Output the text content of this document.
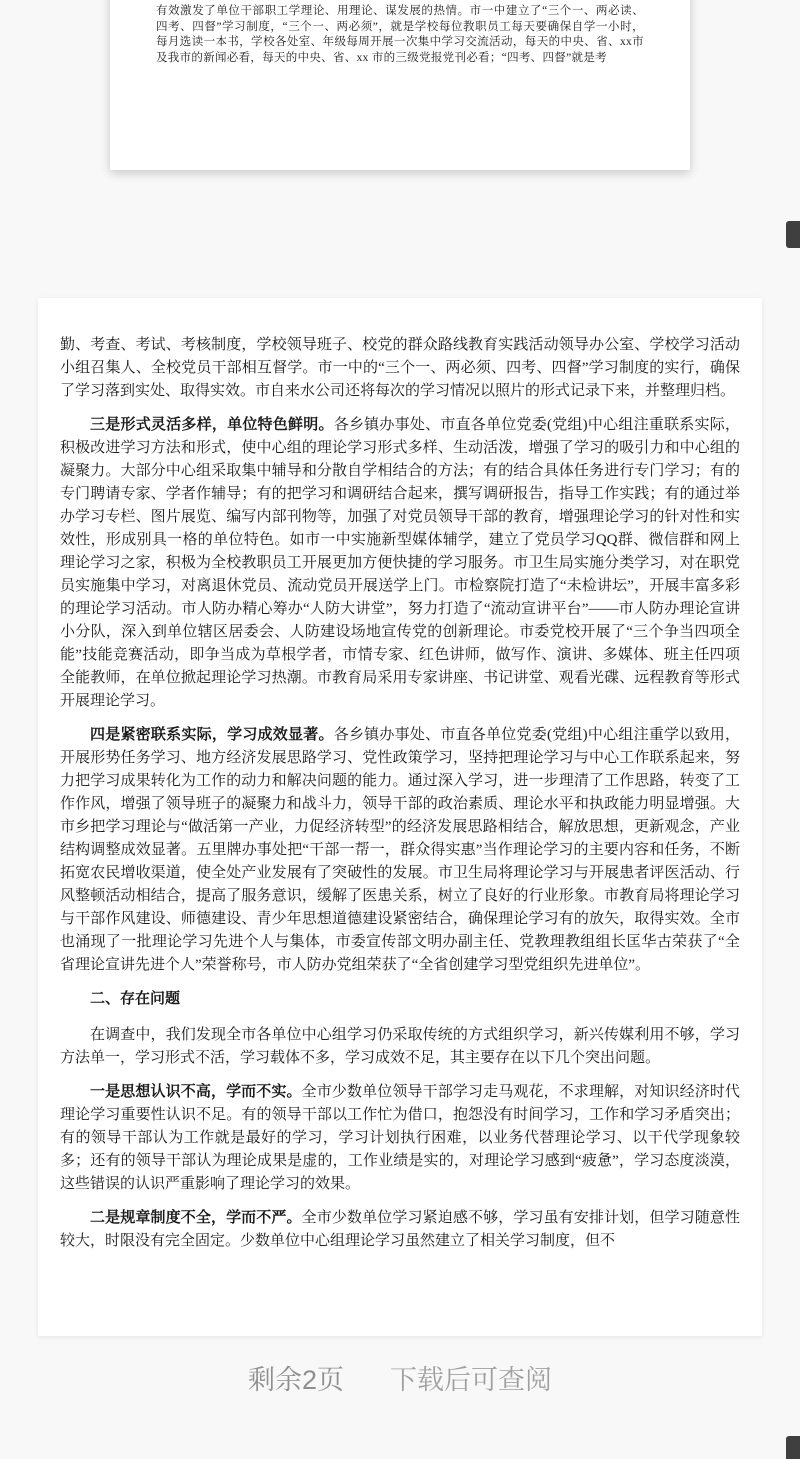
有效激发了单位干部职工学理论、用理论、谋发展的热情。市一中建立了“三个一、两必读、四考、四督”学习制度，“三个一、两必须”，就是学校每位教职员工每天要确保自学一小时，每月选读一本书，学校各处室、年级每周开展一次集中学习交流活动，每天的中央、省、xx市及我市的新闻必看，每天的中央、省、xx 市的三级党报党刊必看；“四考、四督”就是考

勤、考查、考试、考核制度，学校领导班子、校党的群众路线教育实践活动领导办公室、学校学习活动小组召集人、全校党员干部相互督学。市一中的“三个一、两必须、四考、四督”学习制度的实行，确保了学习落到实处、取得实效。市自来水公司还将每次的学习情况以照片的形式记录下来，并整理归档。

三是形式灵活多样，单位特色鲜明。各乡镇办事处、市直各单位党委(党组)中心组注重联系实际，积极改进学习方法和形式，使中心组的理论学习形式多样、生动活泼，增强了学习的吸引力和中心组的凝聚力。大部分中心组采取集中辅导和分散自学相结合的方法；有的结合具体任务进行专门学习；有的专门聘请专家、学者作辅导；有的把学习和调研结合起来，撰写调研报告，指导工作实践；有的通过举办学习专栏、图片展览、编写内部刊物等，加强了对党员领导干部的教育，增强理论学习的针对性和实效性，形成别具一格的单位特色。如市一中实施新型媒体辅学，建立了党员学习QQ群、微信群和网上理论学习之家，积极为全校教职员工开展更加方便快捷的学习服务。市卫生局实施分类学习，对在职党员实施集中学习，对离退休党员、流动党员开展送学上门。市检察院打造了“未检讲坛”，开展丰富多彩的理论学习活动。市人防办精心筹办“人防大讲堂”，努力打造了“流动宣讲平台”——市人防办理论宣讲小分队，深入到单位辖区居委会、人防建设场地宣传党的创新理论。市委党校开展了“三个争当四项全能”技能竞赛活动，即争当成为草根学者，市情专家、红色讲师，做写作、演讲、多媒体、班主任四项全能教师，在单位掀起理论学习热潮。市教育局采用专家讲座、书记讲堂、观看光碟、远程教育等形式开展理论学习。

四是紧密联系实际，学习成效显著。各乡镇办事处、市直各单位党委(党组)中心组注重学以致用，开展形势任务学习、地方经济发展思路学习、党性政策学习，坚持把理论学习与中心工作联系起来，努力把学习成果转化为工作的动力和解决问题的能力。通过深入学习，进一步理清了工作思路，转变了工作作风，增强了领导班子的凝聚力和战斗力，领导干部的政治素质、理论水平和执政能力明显增强。大市乡把学习理论与“做活第一产业，力促经济转型”的经济发展思路相结合，解放思想，更新观念，产业结构调整成效显著。五里牌办事处把“干部一帮一，群众得实惠”当作理论学习的主要内容和任务，不断拓宽农民增收渠道，使全处产业发展有了突破性的发展。市卫生局将理论学习与开展患者评医活动、行风整顿活动相结合，提高了服务意识，缓解了医患关系，树立了良好的行业形象。市教育局将理论学习与干部作风建设、师德建设、青少年思想道德建设紧密结合，确保理论学习有的放矢，取得实效。全市也涌现了一批理论学习先进个人与集体，市委宣传部文明办副主任、党教理教组组长匡华古荣获了“全省理论宣讲先进个人”荣誉称号，市人防办党组荣获了“全省创建学习型党组织先进单位”。

二、存在问题

在调查中，我们发现全市各单位中心组学习仍采取传统的方式组织学习，新兴传媒利用不够，学习方法单一，学习形式不活，学习载体不多，学习成效不足，其主要存在以下几个突出问题。

一是思想认识不高，学而不实。全市少数单位领导干部学习走马观花，不求理解，对知识经济时代理论学习重要性认识不足。有的领导干部以工作忙为借口，抱怨没有时间学习，工作和学习矛盾突出；有的领导干部认为工作就是最好的学习，学习计划执行困难，以业务代替理论学习、以干代学现象较多；还有的领导干部认为理论成果是虚的，工作业绩是实的，对理论学习感到“疲惫”，学习态度淡漠，这些错误的认识严重影响了理论学习的效果。

二是规章制度不全，学而不严。全市少数单位学习紧迫感不够，学习虽有安排计划，但学习随意性较大，时限没有完全固定。少数单位中心组理论学习虽然建立了相关学习制度，但不

剩余2页 下载后可查阅
